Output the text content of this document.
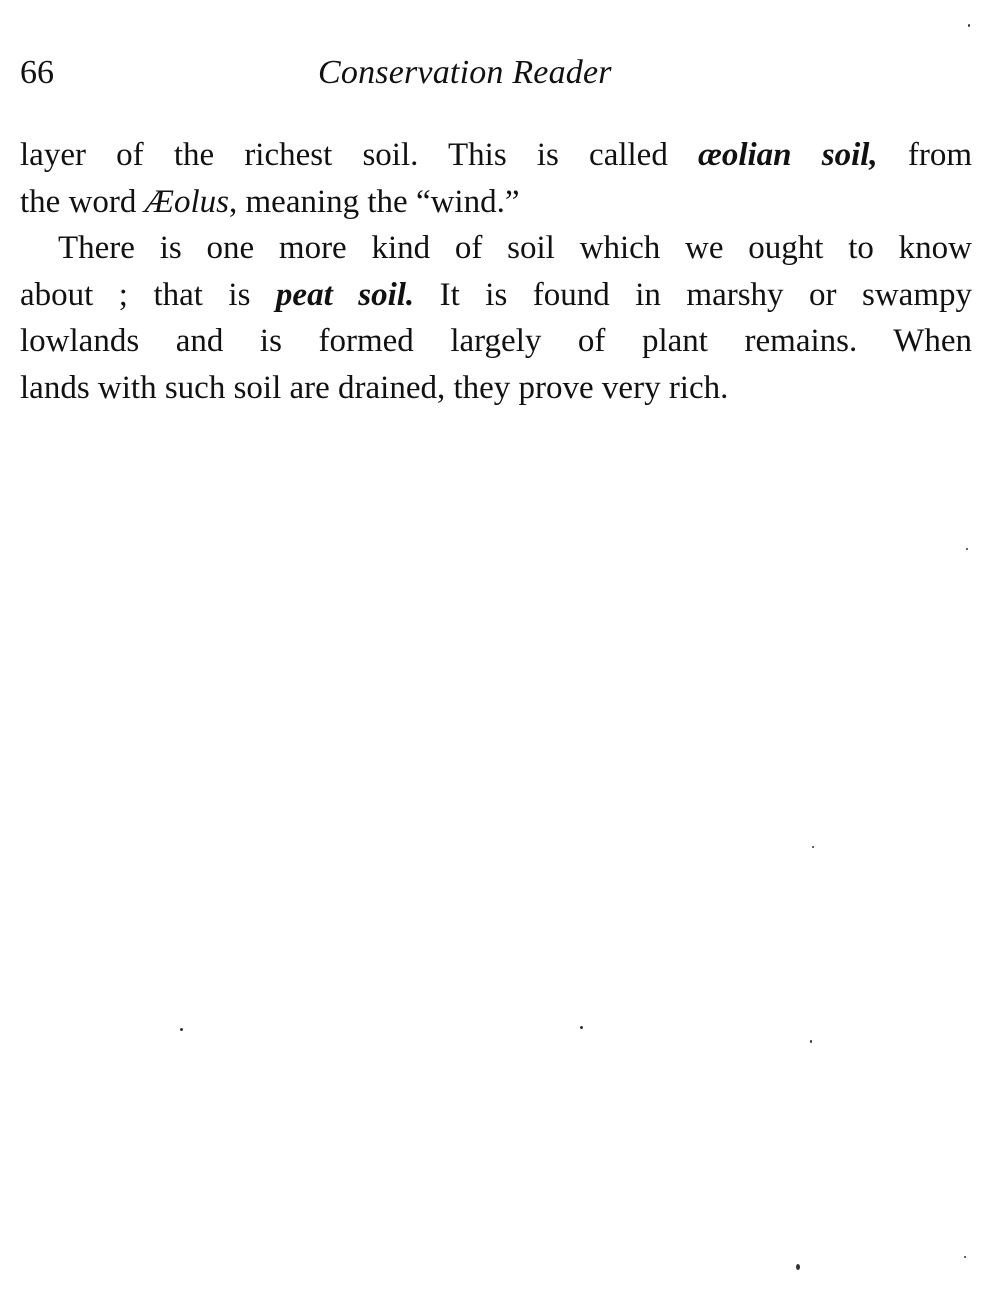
66	Conservation Reader
layer of the richest soil. This is called æolian soil, from
the word Æolus, meaning the “wind.”
There is one more kind of soil which we ought to know
about ; that is peat soil. It is found in marshy or swampy
lowlands and is formed largely of plant remains. When
lands with such soil are drained, they prove very rich.
